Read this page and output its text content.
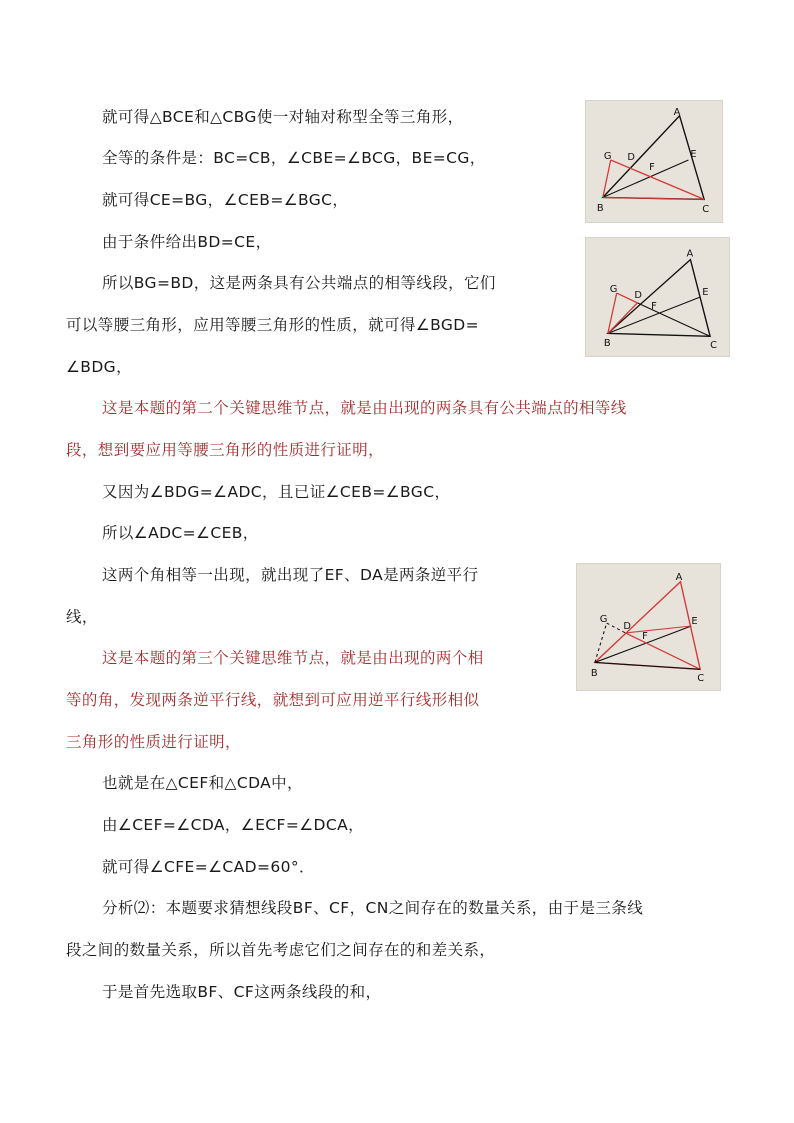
就可得△BCE和△CBG使一对轴对称型全等三角形，
全等的条件是：BC=CB，∠CBE=∠BCG，BE=CG，
就可得CE=BG，∠CEB=∠BGC，
由于条件给出BD=CE，
所以BG=BD，这是两条具有公共端点的相等线段，它们
可以等腰三角形，应用等腰三角形的性质，就可得∠BGD=
∠BDG，
这是本题的第二个关键思维节点，就是由出现的两条具有公共端点的相等线
段，想到要应用等腰三角形的性质进行证明，
又因为∠BDG=∠ADC，且已证∠CEB=∠BGC，
所以∠ADC=∠CEB，
这两个角相等一出现，就出现了EF、DA是两条逆平行
线，
这是本题的第三个关键思维节点，就是由出现的两个相
等的角，发现两条逆平行线，就想到可应用逆平行线形相似
三角形的性质进行证明，
也就是在△CEF和△CDA中，
由∠CEF=∠CDA，∠ECF=∠DCA，
就可得∠CFE=∠CAD=60°．
分析⑵：本题要求猜想线段BF、CF，CN之间存在的数量关系，由于是三条线
段之间的数量关系，所以首先考虑它们之间存在的和差关系，
于是首先选取BF、CF这两条线段的和，
A
G D	E
F
B	C
A
G
D	E
F
B	C
A
G
D	E
F
B	C
